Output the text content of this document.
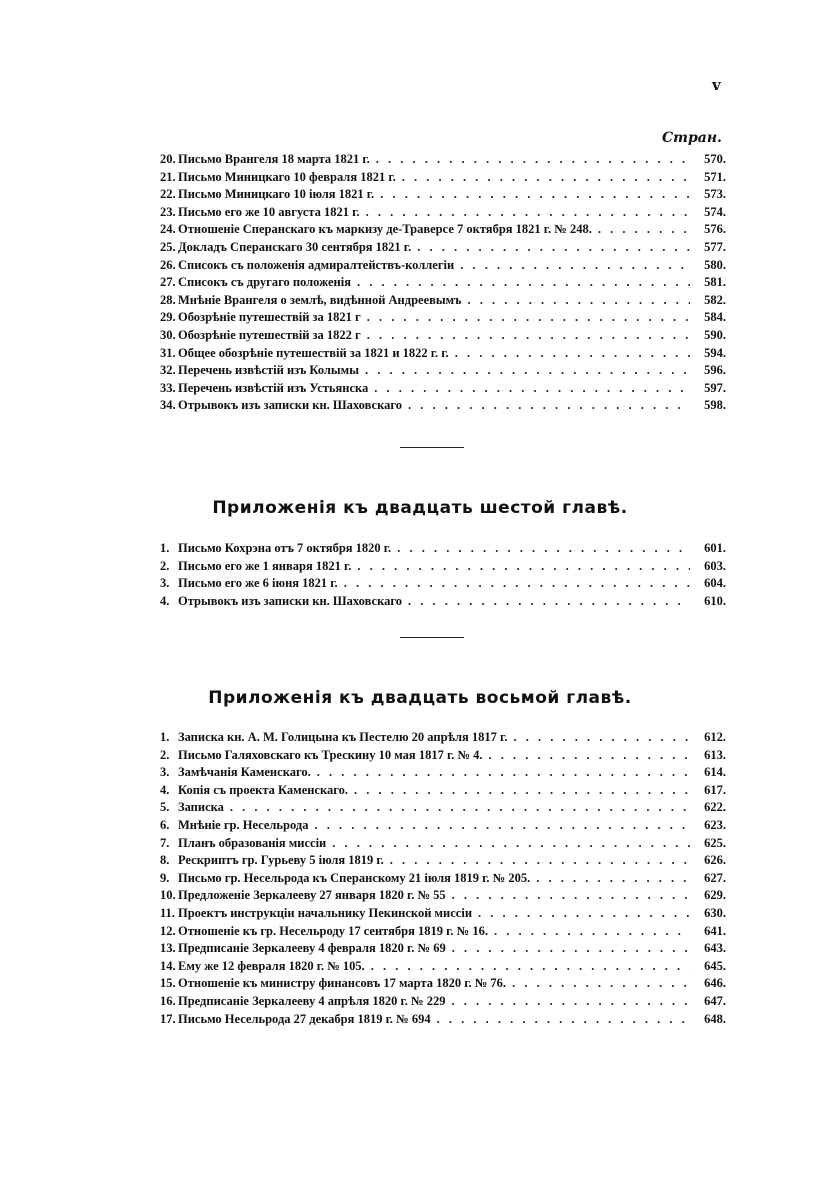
v
Стран.
20. Письмо Врангеля 18 марта 1821 г. . . .	570.
21. Письмо Миницкаго 10 февраля 1821 г. . . .	571.
22. Письмо Миницкаго 10 іюля 1821 г. . . .	573.
23. Письмо его же 10 августа 1821 г. . . .	574.
24. Отношеніе Сперанскаго къ маркизу де-Траверсе 7 октября 1821 г. № 248. . . .	576.
25. Докладъ Сперанскаго 30 сентября 1821 г. . . .	577.
26. Списокъ съ положенія адмиралтействъ-коллегіи . . .	580.
27. Списокъ съ другаго положенія . . .	581.
28. Мнѣніе Врангеля о землѣ, видѣнной Андреевымъ . . .	582.
29. Обозрѣніе путешествій за 1821 г . . .	584.
30. Обозрѣніе путешествій за 1822 г . . .	590.
31. Общее обозрѣніе путешествій за 1821 и 1822 г. г. . . .	594.
32. Перечень извѣстій изъ Колымы . . .	596.
33. Перечень извѣстій изъ Устьянска . . .	597.
34. Отрывокъ изъ записки кн. Шаховскаго . . .	598.
Приложенія къ двадцать шестой главѣ.
1. Письмо Кохрэна отъ 7 октября 1820 г. . . .	601.
2. Письмо его же 1 января 1821 г. . . .	603.
3. Письмо его же 6 іюня 1821 г. . . .	604.
4. Отрывокъ изъ записки кн. Шаховскаго . . .	610.
Приложенія къ двадцать восьмой главѣ.
1. Записка кн. А. М. Голицына къ Пестелю 20 апрѣля 1817 г. . . .	612.
2. Письмо Галяховскаго къ Трескину 10 мая 1817 г. № 4. . . .	613.
3. Замѣчанія Каменскаго. . . .	614.
4. Копія съ проекта Каменскаго. . . .	617.
5. Записка . . .	622.
6. Мнѣніе гр. Несельрода . . .	623.
7. Планъ образованія миссіи . . .	625.
8. Рескриптъ гр. Гурьеву 5 іюля 1819 г. . . .	626.
9. Письмо гр. Несельрода къ Сперанскому 21 іюля 1819 г. № 205. . . .	627.
10. Предложеніе Зеркалееву 27 января 1820 г. № 55 . . .	629.
11. Проектъ инструкціи начальнику Пекинской миссіи . . .	630.
12. Отношеніе къ гр. Несельроду 17 сентября 1819 г. № 16. . . .	641.
13. Предписаніе Зеркалееву 4 февраля 1820 г. № 69 . . .	643.
14. Ему же 12 февраля 1820 г. № 105. . . .	645.
15. Отношеніе къ министру финансовъ 17 марта 1820 г. № 76. . . .	646.
16. Предписаніе Зеркалееву 4 апрѣля 1820 г. № 229 . . .	647.
17. Письмо Несельрода 27 декабря 1819 г. № 694 . . .	648.
